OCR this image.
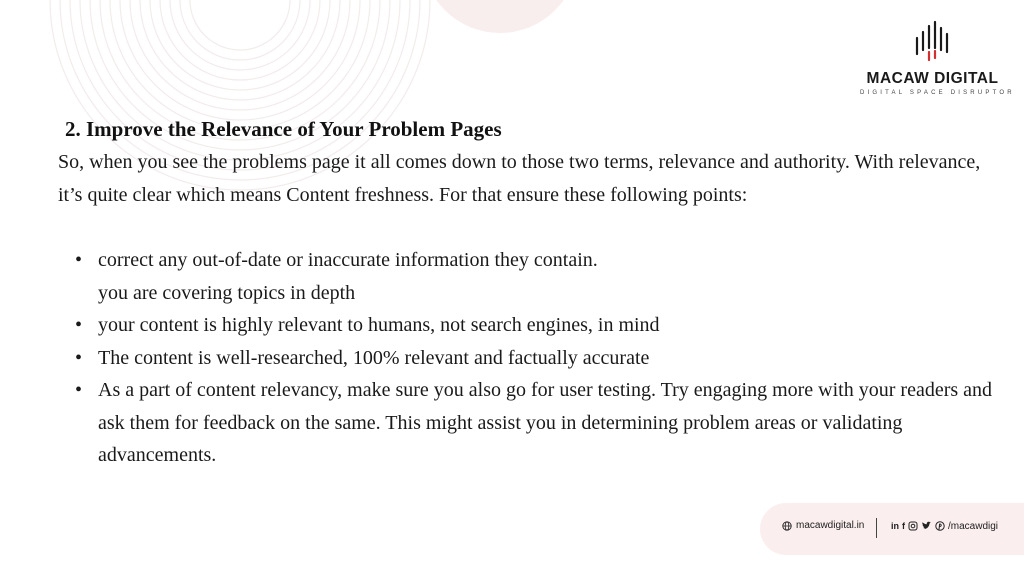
MACAW DIGITAL
DIGITAL SPACE DISRUPTOR
2. Improve the Relevance of Your Problem Pages
So, when you see the problems page it all comes down to those two terms, relevance and authority. With relevance, it’s quite clear which means Content freshness. For that ensure these following points:
• correct any out-of-date or inaccurate information they contain.
you are covering topics in depth
• your content is highly relevant to humans, not search engines, in mind
• The content is well-researched, 100% relevant and factually accurate
• As a part of content relevancy, make sure you also go for user testing. Try engaging more with your readers and ask them for feedback on the same. This might assist you in determining problem areas or validating advancements.
macawdigital.in	in f	/macawdigi
